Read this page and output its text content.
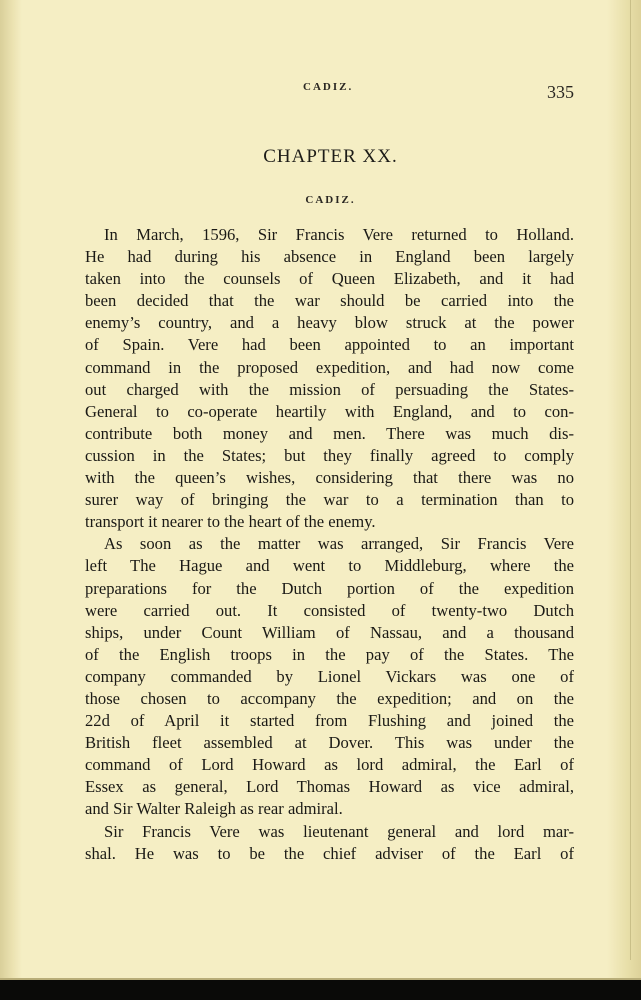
CADIZ.	335
CHAPTER XX.
CADIZ.
In March, 1596, Sir Francis Vere returned to Holland.
He had during his absence in England been largely
taken into the counsels of Queen Elizabeth, and it had
been decided that the war should be carried into the
enemy’s country, and a heavy blow struck at the power
of Spain. Vere had been appointed to an important
command in the proposed expedition, and had now come
out charged with the mission of persuading the States-
General to co-operate heartily with England, and to con-
contribute both money and men. There was much dis-
cussion in the States; but they finally agreed to comply
with the queen’s wishes, considering that there was no
surer way of bringing the war to a termination than to
transport it nearer to the heart of the enemy.
As soon as the matter was arranged, Sir Francis Vere
left The Hague and went to Middleburg, where the
preparations for the Dutch portion of the expedition
were carried out. It consisted of twenty-two Dutch
ships, under Count William of Nassau, and a thousand
of the English troops in the pay of the States. The
company commanded by Lionel Vickars was one of
those chosen to accompany the expedition; and on the
22d of April it started from Flushing and joined the
British fleet assembled at Dover. This was under the
command of Lord Howard as lord admiral, the Earl of
Essex as general, Lord Thomas Howard as vice admiral,
and Sir Walter Raleigh as rear admiral.
Sir Francis Vere was lieutenant general and lord mar-
shal. He was to be the chief adviser of the Earl of
